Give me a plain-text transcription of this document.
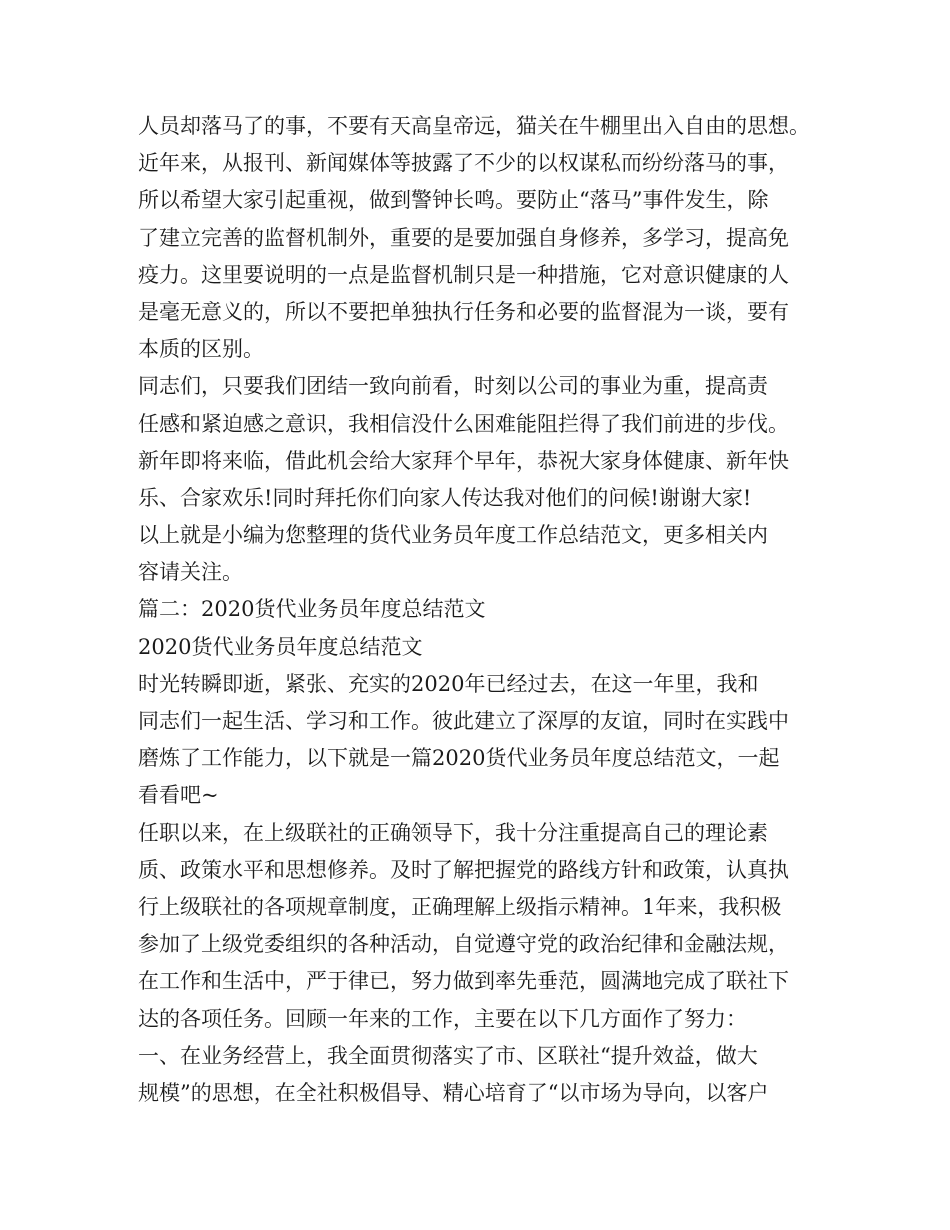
人员却落马了的事，不要有天高皇帝远，猫关在牛棚里出入自由的思想。
近年来，从报刊、新闻媒体等披露了不少的以权谋私而纷纷落马的事，
所以希望大家引起重视，做到警钟长鸣。要防止“落马”事件发生，除
了建立完善的监督机制外，重要的是要加强自身修养，多学习，提高免
疫力。这里要说明的一点是监督机制只是一种措施，它对意识健康的人
是毫无意义的，所以不要把单独执行任务和必要的监督混为一谈，要有
本质的区别。
同志们，只要我们团结一致向前看，时刻以公司的事业为重，提高责
任感和紧迫感之意识，我相信没什么困难能阻拦得了我们前进的步伐。
新年即将来临，借此机会给大家拜个早年，恭祝大家身体健康、新年快
乐、合家欢乐!同时拜托你们向家人传达我对他们的问候!谢谢大家!
以上就是小编为您整理的货代业务员年度工作总结范文，更多相关内
容请关注。
篇二：2020货代业务员年度总结范文
2020货代业务员年度总结范文
时光转瞬即逝，紧张、充实的2020年已经过去，在这一年里，我和
同志们一起生活、学习和工作。彼此建立了深厚的友谊，同时在实践中
磨炼了工作能力，以下就是一篇2020货代业务员年度总结范文，一起
看看吧~
任职以来，在上级联社的正确领导下，我十分注重提高自己的理论素
质、政策水平和思想修养。及时了解把握党的路线方针和政策，认真执
行上级联社的各项规章制度，正确理解上级指示精神。1年来，我积极
参加了上级党委组织的各种活动，自觉遵守党的政治纪律和金融法规，
在工作和生活中，严于律已，努力做到率先垂范，圆满地完成了联社下
达的各项任务。回顾一年来的工作，主要在以下几方面作了努力：
一、在业务经营上，我全面贯彻落实了市、区联社“提升效益，做大
规模”的思想，在全社积极倡导、精心培育了“以市场为导向，以客户
